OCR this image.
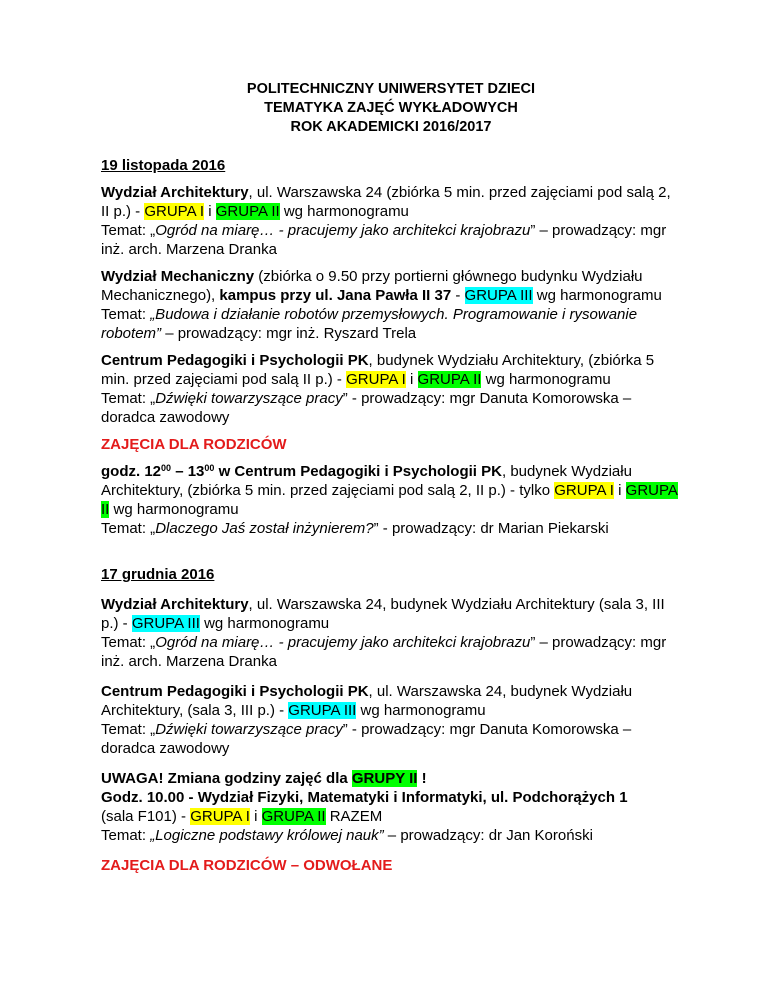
POLITECHNICZNY UNIWERSYTET DZIECI
TEMATYKA ZAJĘĆ WYKŁADOWYCH
ROK AKADEMICKI 2016/2017
19 listopada 2016

Wydział Architektury, ul. Warszawska 24 (zbiórka 5 min. przed zajęciami pod salą 2, II p.) - GRUPA I i GRUPA II wg harmonogramu
Temat: „Ogród na miarę… - pracujemy jako architekci krajobrazu” – prowadzący: mgr inż. arch. Marzena Dranka

Wydział Mechaniczny (zbiórka o 9.50 przy portierni głównego budynku Wydziału Mechanicznego), kampus przy ul. Jana Pawła II 37 - GRUPA III wg harmonogramu
Temat: „Budowa i działanie robotów przemysłowych. Programowanie i rysowanie robotem” – prowadzący: mgr inż. Ryszard Trela

Centrum Pedagogiki i Psychologii PK, budynek Wydziału Architektury, (zbiórka 5 min. przed zajęciami pod salą II p.) - GRUPA I i GRUPA II wg harmonogramu
Temat: „Dźwięki towarzyszące pracy” - prowadzący: mgr Danuta Komorowska – doradca zawodowy

ZAJĘCIA DLA RODZICÓW

godz. $12^{00} - 13^{00}$ w Centrum Pedagogiki i Psychologii PK, budynek Wydziału Architektury, (zbiórka 5 min. przed zajęciami pod salą 2, II p.) - tylko GRUPA I i GRUPA II wg harmonogramu
Temat: „Dlaczego Jaś został inżynierem?” - prowadzący: dr Marian Piekarski

17 grudnia 2016

Wydział Architektury, ul. Warszawska 24, budynek Wydziału Architektury (sala 3, III p.) - GRUPA III wg harmonogramu
Temat: „Ogród na miarę… - pracujemy jako architekci krajobrazu” – prowadzący: mgr inż. arch. Marzena Dranka

Centrum Pedagogiki i Psychologii PK, ul. Warszawska 24, budynek Wydziału Architektury, (sala 3, III p.) - GRUPA III wg harmonogramu
Temat: „Dźwięki towarzyszące pracy” - prowadzący: mgr Danuta Komorowska – doradca zawodowy

UWAGA! Zmiana godziny zajęć dla GRUPY II !
Godz. 10.00 - Wydział Fizyki, Matematyki i Informatyki, ul. Podchorążych 1
(sala F101) - GRUPA I i GRUPA II RAZEM
Temat: „Logiczne podstawy królowej nauk” – prowadzący: dr Jan Koroński

ZAJĘCIA DLA RODZICÓW – ODWOŁANE
